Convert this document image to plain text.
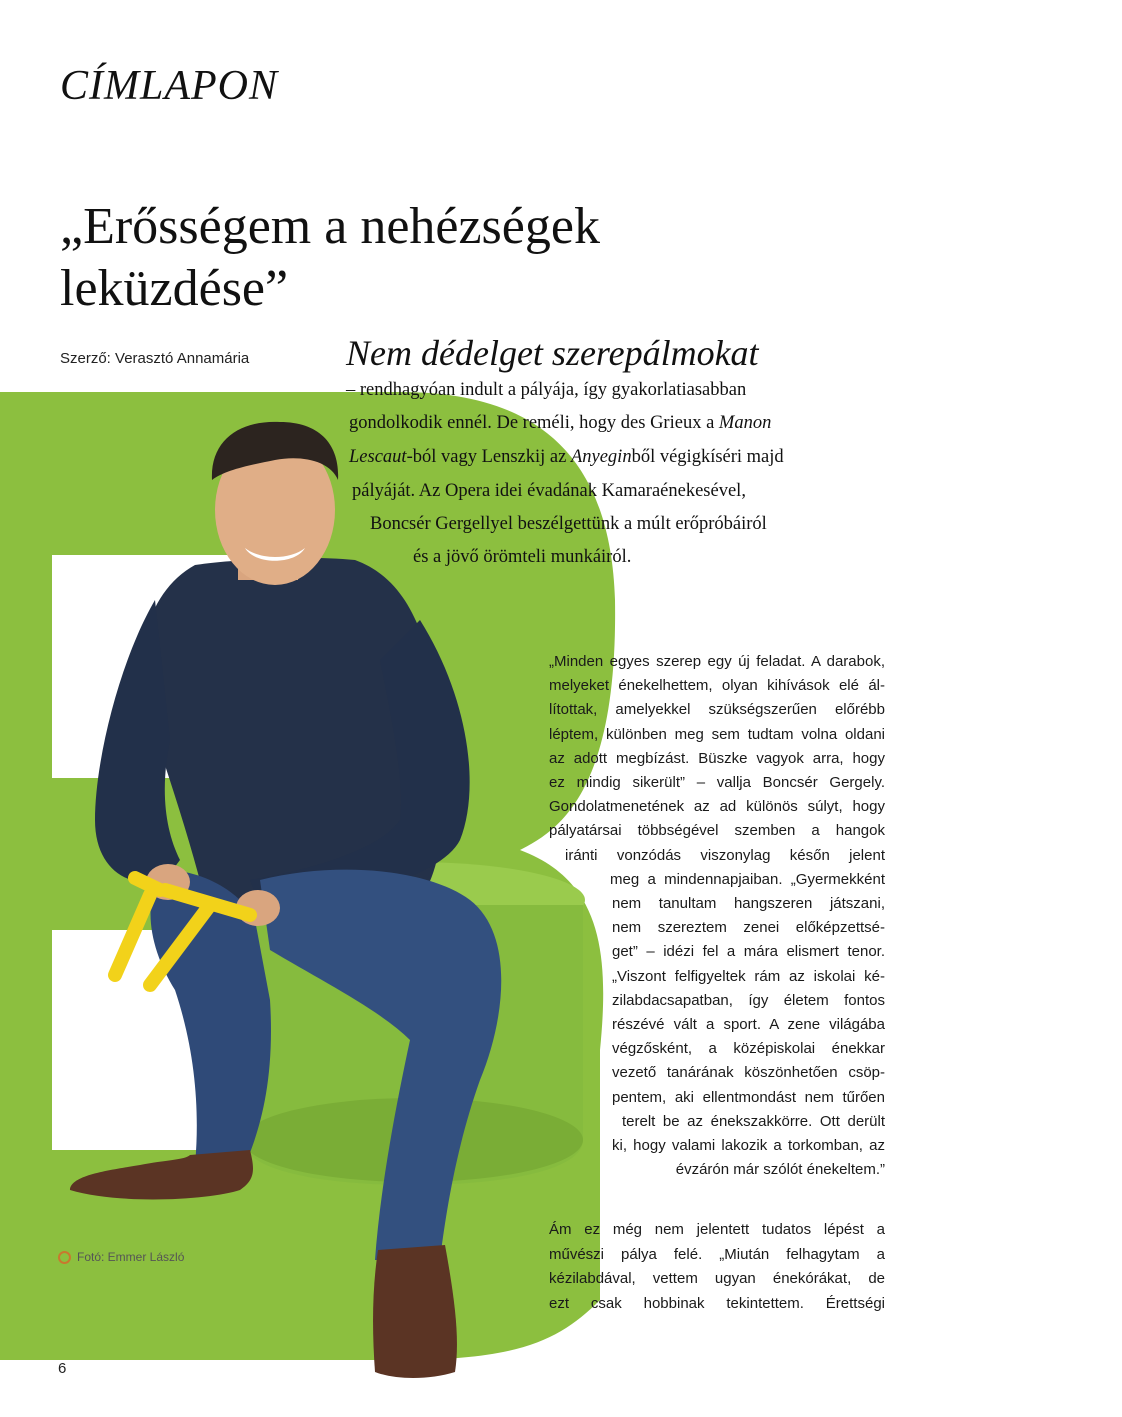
CÍMLAPON
„Erősségem a nehézségek
leküzdése”
Szerző: Verasztó Annamária	Nem dédelget szerepálmokat
– rendhagyóan indult a pályája, így gyakorlatiasabban
gondolkodik ennél. De reméli, hogy des Grieux a Manon
Lescaut-ból vagy Lenszkij az Anyeginből végigkíséri majd
pályáját. Az Opera idei évadának Kamaraénekesével,
Boncsér Gergellyel beszélgettünk a múlt erőpróbáiról
és a jövő örömteli munkáiról.
„Minden egyes szerep egy új feladat. A darabok,
melyeket énekelhettem, olyan kihívások elé ál-
lítottak, amelyekkel szükségszerűen előrébb
léptem, különben meg sem tudtam volna oldani
az adott megbízást. Büszke vagyok arra, hogy
ez mindig sikerült” – vallja Boncsér Gergely.
Gondolatmenetének az ad különös súlyt, hogy
pályatársai többségével szemben a hangok
iránti vonzódás viszonylag későn jelent
meg a mindennapjaiban. „Gyermekként
nem tanultam hangszeren játszani,
nem szereztem zenei előképzettsé-
get” – idézi fel a mára elismert tenor.
„Viszont felfigyeltek rám az iskolai ké-
zilabdacsapatban, így életem fontos
részévé vált a sport. A zene világába
végzősként, a középiskolai énekkar
vezető tanárának köszönhetően csöp-
pentem, aki ellentmondást nem tűrően
terelt be az énekszakkörre. Ott derült
ki, hogy valami lakozik a torkomban, az
évzárón már szólót énekeltem.”
Ám ez még nem jelentett tudatos lépést a
művészi pálya felé. „Miután felhagytam a
kézilabdával, vettem ugyan énekórákat, de
ezt csak hobbinak tekintettem. Érettségi
Fotó: Emmer László
6
